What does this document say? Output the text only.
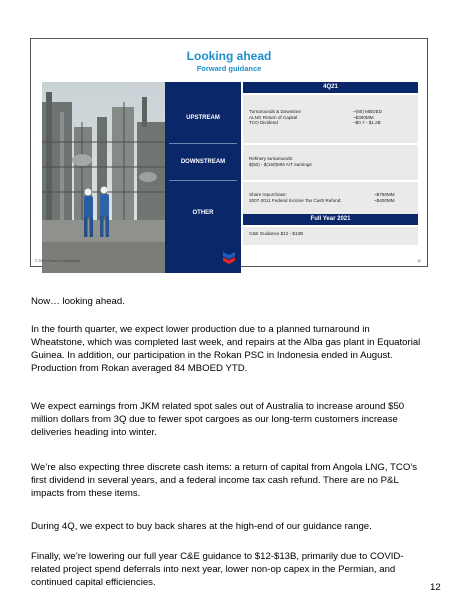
Looking ahead
Forward guidance
UPSTREAM
DOWNSTREAM
OTHER
4Q21
Turnarounds & Downtime	~(60) MBOED
ALNG Return of Capital	~$300MM
TCO Dividend	~$0.7 - $1.2B
Refinery turnarounds:
$(50) - $(150)MM A/T earnings
Share repurchase:	~$750MM
2007-2011 Federal Income Tax Cash Refund:	~$400MM
Full Year 2021
C&E Guidance $12 - $13B
© 2021 Chevron Corporation	12
Now… looking ahead.
In the fourth quarter, we expect lower production due to a planned turnaround in Wheatstone, which was completed last week, and repairs at the Alba gas plant in Equatorial Guinea. In addition, our participation in the Rokan PSC in Indonesia ended in August. Production from Rokan averaged 84 MBOED YTD.
We expect earnings from JKM related spot sales out of Australia to increase around $50 million dollars from 3Q due to fewer spot cargoes as our long-term customers increase deliveries heading into winter.
We’re also expecting three discrete cash items: a return of capital from Angola LNG, TCO’s first dividend in several years, and a federal income tax cash refund. There are no P&L impacts from these items.
During 4Q, we expect to buy back shares at the high-end of our guidance range.
Finally, we’re lowering our full year C&E guidance to $12-$13B, primarily due to COVID-related project spend deferrals into next year, lower non-op capex in the Permian, and continued capital efficiencies.	12
